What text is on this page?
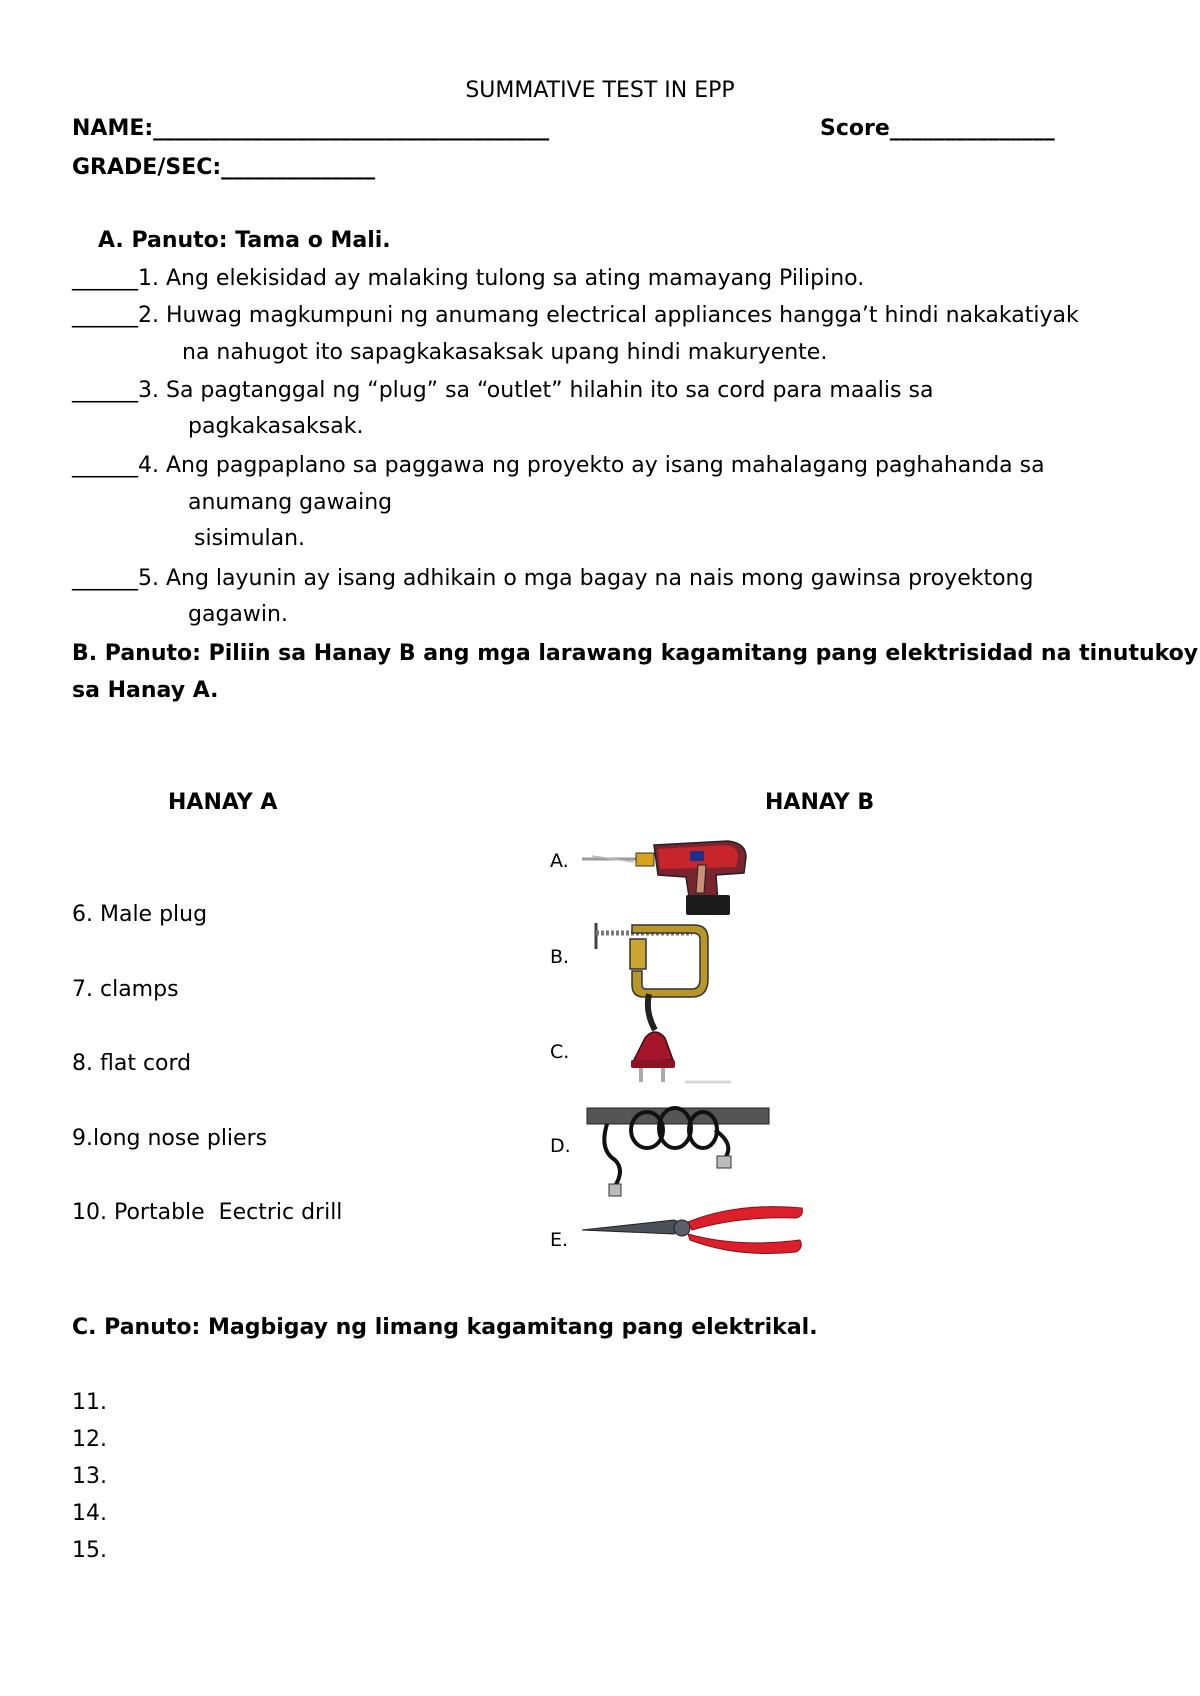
SUMMATIVE TEST IN EPP
NAME:____________________________________	Score_______________
GRADE/SEC:______________
A. Panuto: Tama o Mali.
______1. Ang elekisidad ay malaking tulong sa ating mamayang Pilipino.
______2. Huwag magkumpuni ng anumang electrical appliances hangga’t hindi nakakatiyak
na nahugot ito sapagkakasaksak upang hindi makuryente.
______3. Sa pagtanggal ng “plug” sa “outlet” hilahin ito sa cord para maalis sa
pagkakasaksak.
______4. Ang pagpaplano sa paggawa ng proyekto ay isang mahalagang paghahanda sa
anumang gawaing
sisimulan.
______5. Ang layunin ay isang adhikain o mga bagay na nais mong gawinsa proyektong
gagawin.
B. Panuto: Piliin sa Hanay B ang mga larawang kagamitang pang elektrisidad na tinutukoy
sa Hanay A.
HANAY A	HANAY B
6. Male plug
7. clamps
8. flat cord
9.long nose pliers
10. Portable  Eectric drill
A.
B.
C.
D.
E.
C. Panuto: Magbigay ng limang kagamitang pang elektrikal.
11.
12.
13.
14.
15.
